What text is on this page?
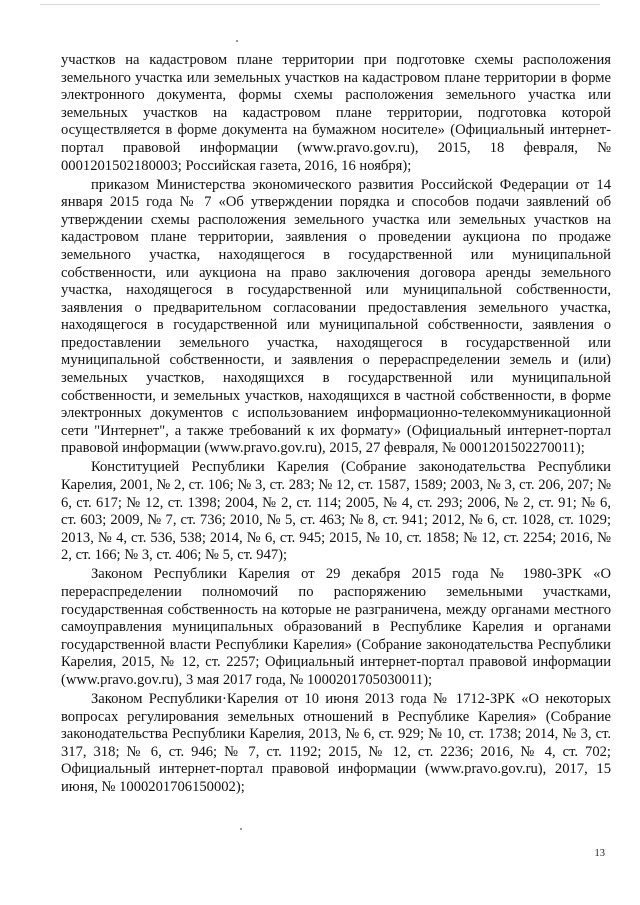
участков на кадастровом плане территории при подготовке схемы расположения земельного участка или земельных участков на кадастровом плане территории в форме электронного документа, формы схемы расположения земельного участка или земельных участков на кадастровом плане территории, подготовка которой осуществляется в форме документа на бумажном носителе» (Официальный интернет-портал правовой информации (www.pravo.gov.ru), 2015, 18 февраля, № 0001201502180003; Российская газета, 2016, 16 ноября);

приказом Министерства экономического развития Российской Федерации от 14 января 2015 года № 7 «Об утверждении порядка и способов подачи заявлений об утверждении схемы расположения земельного участка или земельных участков на кадастровом плане территории, заявления о проведении аукциона по продаже земельного участка, находящегося в государственной или муниципальной собственности, или аукциона на право заключения договора аренды земельного участка, находящегося в государственной или муниципальной собственности, заявления о предварительном согласовании предоставления земельного участка, находящегося в государственной или муниципальной собственности, заявления о предоставлении земельного участка, находящегося в государственной или муниципальной собственности, и заявления о перераспределении земель и (или) земельных участков, находящихся в государственной или муниципальной собственности, и земельных участков, находящихся в частной собственности, в форме электронных документов с использованием информационно-телекоммуникационной сети "Интернет", а также требований к их формату» (Официальный интернет-портал правовой информации (www.pravo.gov.ru), 2015, 27 февраля, № 0001201502270011);

Конституцией Республики Карелия (Собрание законодательства Республики Карелия, 2001, № 2, ст. 106; № 3, ст. 283; № 12, ст. 1587, 1589; 2003, № 3, ст. 206, 207; № 6, ст. 617; № 12, ст. 1398; 2004, № 2, ст. 114; 2005, № 4, ст. 293; 2006, № 2, ст. 91; № 6, ст. 603; 2009, № 7, ст. 736; 2010, № 5, ст. 463; № 8, ст. 941; 2012, № 6, ст. 1028, ст. 1029; 2013, № 4, ст. 536, 538; 2014, № 6, ст. 945; 2015, № 10, ст. 1858; № 12, ст. 2254; 2016, № 2, ст. 166; № 3, ст. 406; № 5, ст. 947);

Законом Республики Карелия от 29 декабря 2015 года № 1980-ЗРК «О перераспределении полномочий по распоряжению земельными участками, государственная собственность на которые не разграничена, между органами местного самоуправления муниципальных образований в Республике Карелия и органами государственной власти Республики Карелия» (Собрание законодательства Республики Карелия, 2015, № 12, ст. 2257; Официальный интернет-портал правовой информации (www.pravo.gov.ru), 3 мая 2017 года, № 1000201705030011);

Законом Республики·Карелия от 10 июня 2013 года № 1712-ЗРК «О некоторых вопросах регулирования земельных отношений в Республике Карелия» (Собрание законодательства Республики Карелия, 2013, № 6, ст. 929; № 10, ст. 1738; 2014, № 3, ст. 317, 318; № 6, ст. 946; № 7, ст. 1192; 2015, № 12, ст. 2236; 2016, № 4, ст. 702; Официальный интернет-портал правовой информации (www.pravo.gov.ru), 2017, 15 июня, № 1000201706150002);

13
